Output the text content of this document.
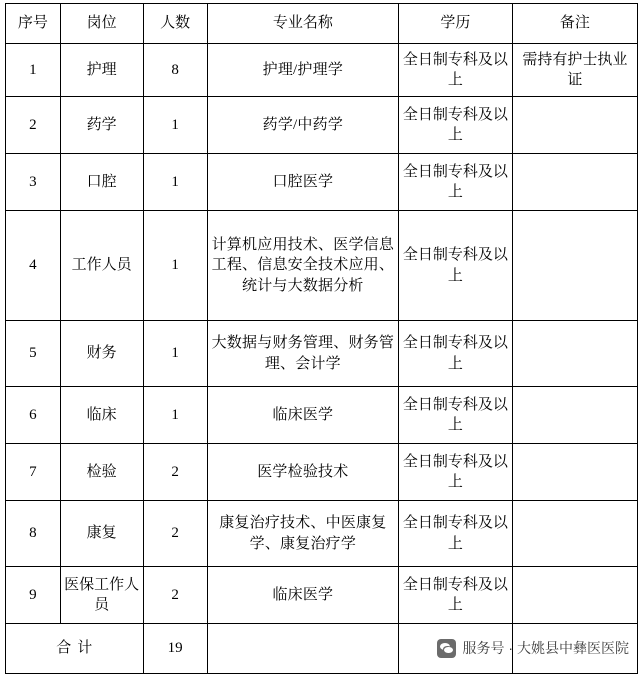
序号	岗位	人数	专业名称	学历	备注
1	护理	8	护理/护理学	全日制专科及以上	需持有护士执业证
2	药学	1	药学/中药学	全日制专科及以上	
3	口腔	1	口腔医学	全日制专科及以上	
4	工作人员	1	计算机应用技术、医学信息工程、信息安全技术应用、统计与大数据分析	全日制专科及以上	
5	财务	1	大数据与财务管理、财务管理、会计学	全日制专科及以上	
6	临床	1	临床医学	全日制专科及以上	
7	检验	2	医学检验技术	全日制专科及以上	
8	康复	2	康复治疗技术、中医康复学、康复治疗学	全日制专科及以上	
9	医保工作人员	2	临床医学	全日制专科及以上	
合计		19				服务号 · 大姚县中彝医医院
